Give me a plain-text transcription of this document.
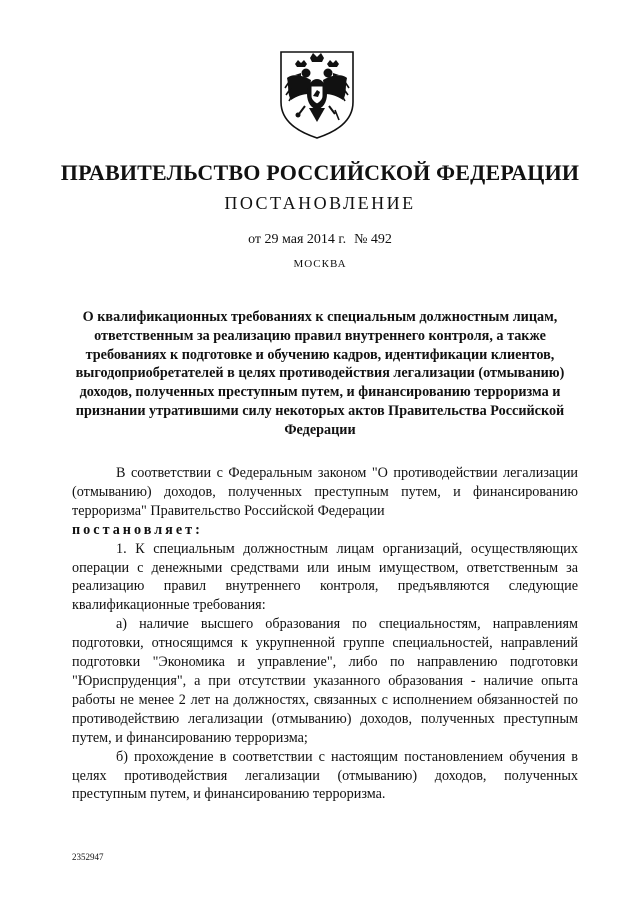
ПРАВИТЕЛЬСТВО РОССИЙСКОЙ ФЕДЕРАЦИИ
ПОСТАНОВЛЕНИЕ
от 29 мая 2014 г. № 492
МОСКВА
О квалификационных требованиях к специальным должностным лицам, ответственным за реализацию правил внутреннего контроля, а также требованиях к подготовке и обучению кадров, идентификации клиентов, выгодоприобретателей в целях противодействия легализации (отмыванию) доходов, полученных преступным путем, и финансированию терроризма и признании утратившими силу некоторых актов Правительства Российской Федерации

В соответствии с Федеральным законом "О противодействии легализации (отмыванию) доходов, полученных преступным путем, и финансированию терроризма" Правительство Российской Федерации

постановляет:

1. К специальным должностным лицам организаций, осуществляющих операции с денежными средствами или иным имуществом, ответственным за реализацию правил внутреннего контроля, предъявляются следующие квалификационные требования:

а) наличие высшего образования по специальностям, направлениям подготовки, относящимся к укрупненной группе специальностей, направлений подготовки "Экономика и управление", либо по направлению подготовки "Юриспруденция", а при отсутствии указанного образования - наличие опыта работы не менее 2 лет на должностях, связанных с исполнением обязанностей по противодействию легализации (отмыванию) доходов, полученных преступным путем, и финансированию терроризма;

б) прохождение в соответствии с настоящим постановлением обучения в целях противодействия легализации (отмыванию) доходов, полученных преступным путем, и финансированию терроризма.

2352947
